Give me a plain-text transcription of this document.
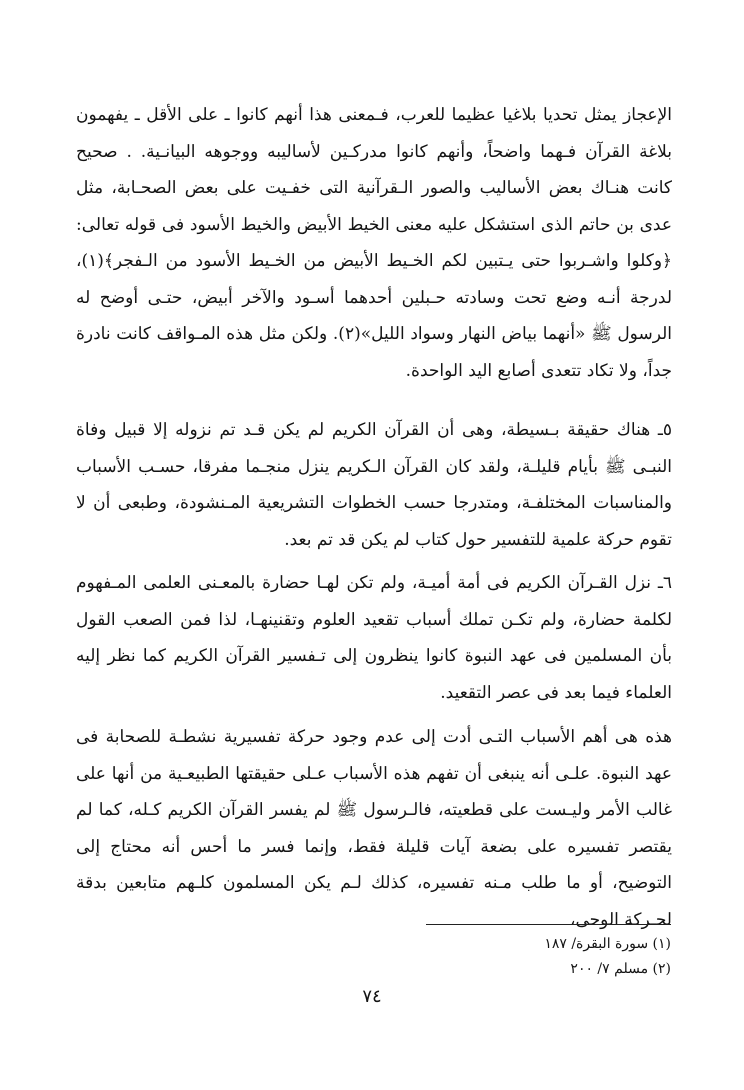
الإعجاز يمثل تحديا بلاغيا عظيما للعرب، فـمعنى هذا أنهم كانوا ـ على الأقل ـ يفهمون بلاغة القرآن فـهما واضحاً، وأنهم كانوا مدركـين لأساليبه ووجوهه البيانـية. . صحيح كانت هنـاك بعض الأساليب والصور الـقرآنية التى خفـيت على بعض الصحـابة، مثل عدى بن حاتم الذى استشكل عليه معنى الخيط الأبيض والخيط الأسود فى قوله تعالى: ﴿وكلوا واشـربوا حتى يـتبين لكم الخـيط الأبيض من الخـيط الأسود من الـفجر﴾(١)، لدرجة أنـه وضع تحت وسادته حـبلين أحدهما أسـود والآخر أبيض، حتـى أوضح له الرسول ﷺ «أنهما بياض النهار وسواد الليل»(٢). ولكن مثل هذه المـواقف كانت نادرة جداً، ولا تكاد تتعدى أصابع اليد الواحدة.

٥ـ هناك حقيقة بـسيطة، وهى أن القرآن الكريم لم يكن قـد تم نزوله إلا قبيل وفاة النبـى ﷺ بأيام قليلـة، ولقد كان القرآن الـكريم ينزل منجـما مفرقا، حسـب الأسباب والمناسبات المختلفـة، ومتدرجا حسب الخطوات التشريعية المـنشودة، وطبعى أن لا تقوم حركة علمية للتفسير حول كتاب لم يكن قد تم بعد.

٦ـ نزل القـرآن الكريم فى أمة أميـة، ولم تكن لهـا حضارة بالمعـنى العلمى المـفهوم لكلمة حضارة، ولم تكـن تملك أسباب تقعيد العلوم وتقنينهـا، لذا فمن الصعب القول بأن المسلمين فى عهد النبوة كانوا ينظرون إلى تـفسير القرآن الكريم كما نظر إليه العلماء فيما بعد فى عصر التقعيد.

هذه هى أهم الأسباب التـى أدت إلى عدم وجود حركة تفسيرية نشطـة للصحابة فى عهد النبوة. علـى أنه ينبغى أن تفهم هذه الأسباب عـلى حقيقتها الطبيعـية من أنها على غالب الأمر وليـست على قطعيته، فالـرسول ﷺ لم يفسر القرآن الكريم كـله، كما لم يقتصر تفسيره على بضعة آيات قليلة فقط، وإنما فسر ما أحس أنه محتاج إلى التوضيح، أو ما طلب مـنه تفسيره، كذلك لـم يكن المسلمون كلـهم متابعين بدقة لحـركة الوحى،

(١) سورة البقرة/ ١٨٧

(٢) مسلم ٧/ ٢٠٠

٧٤
